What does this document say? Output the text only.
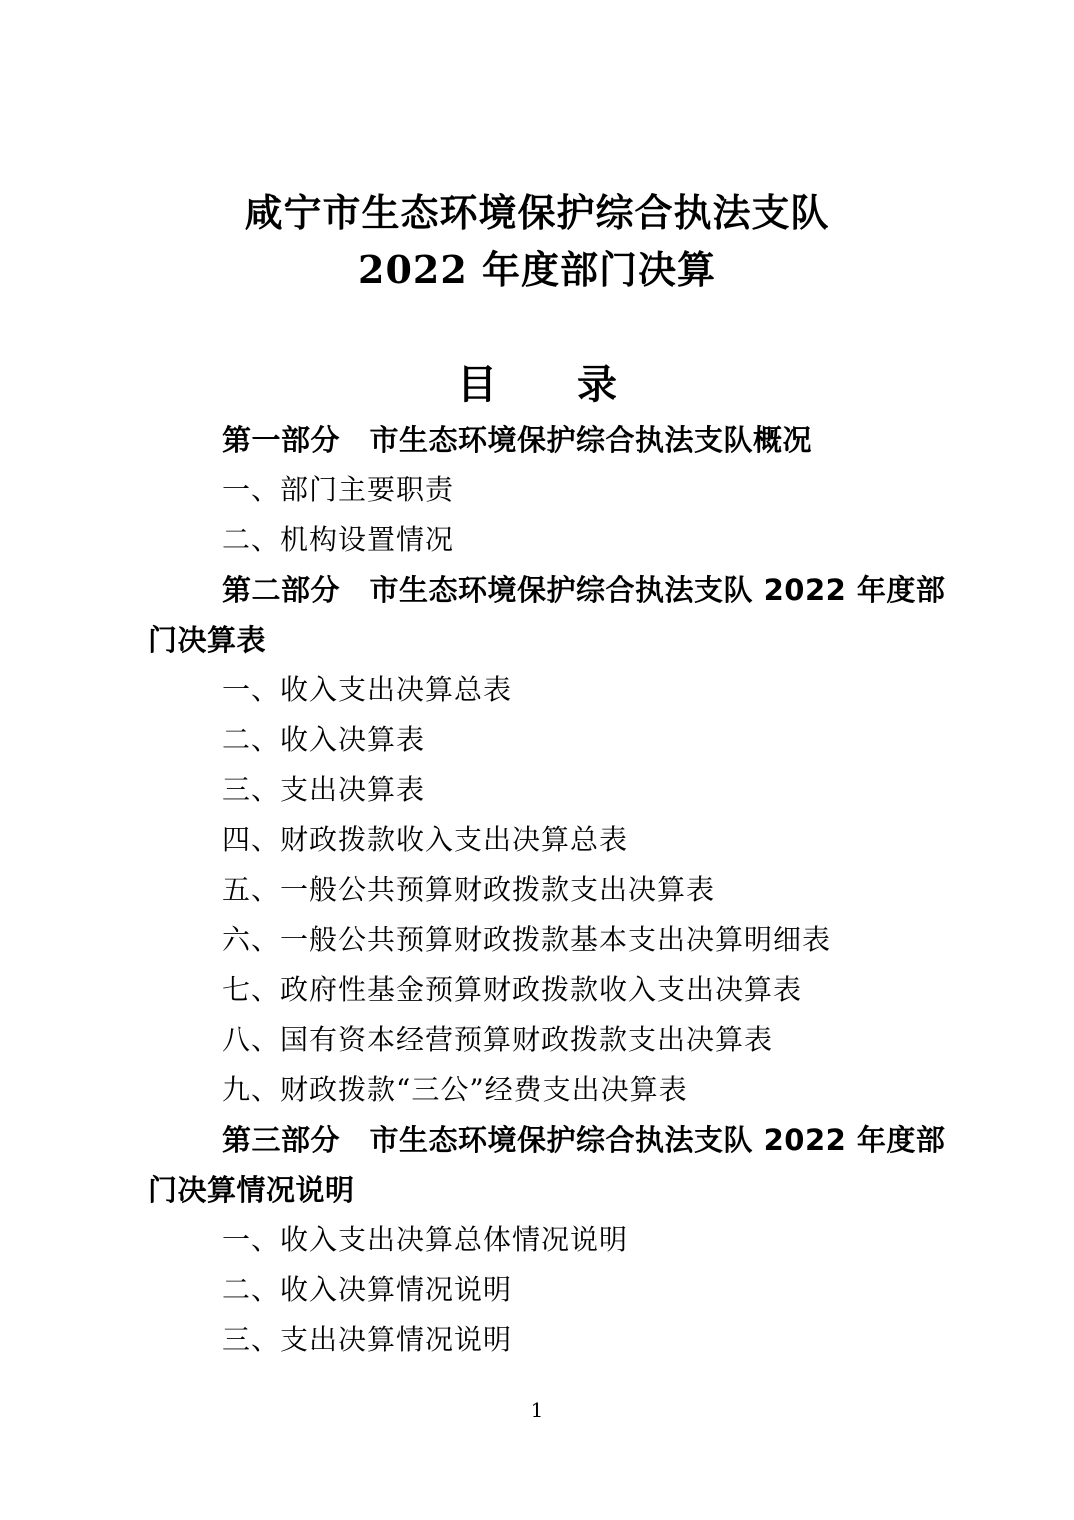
咸宁市生态环境保护综合执法支队
2022 年度部门决算
目　　录
第一部分　市生态环境保护综合执法支队概况
一、部门主要职责
二、机构设置情况
第二部分　市生态环境保护综合执法支队 2022 年度部
门决算表
一、收入支出决算总表
二、收入决算表
三、支出决算表
四、财政拨款收入支出决算总表
五、一般公共预算财政拨款支出决算表
六、一般公共预算财政拨款基本支出决算明细表
七、政府性基金预算财政拨款收入支出决算表
八、国有资本经营预算财政拨款支出决算表
九、财政拨款“三公”经费支出决算表
第三部分　市生态环境保护综合执法支队 2022 年度部
门决算情况说明
一、收入支出决算总体情况说明
二、收入决算情况说明
三、支出决算情况说明
1
